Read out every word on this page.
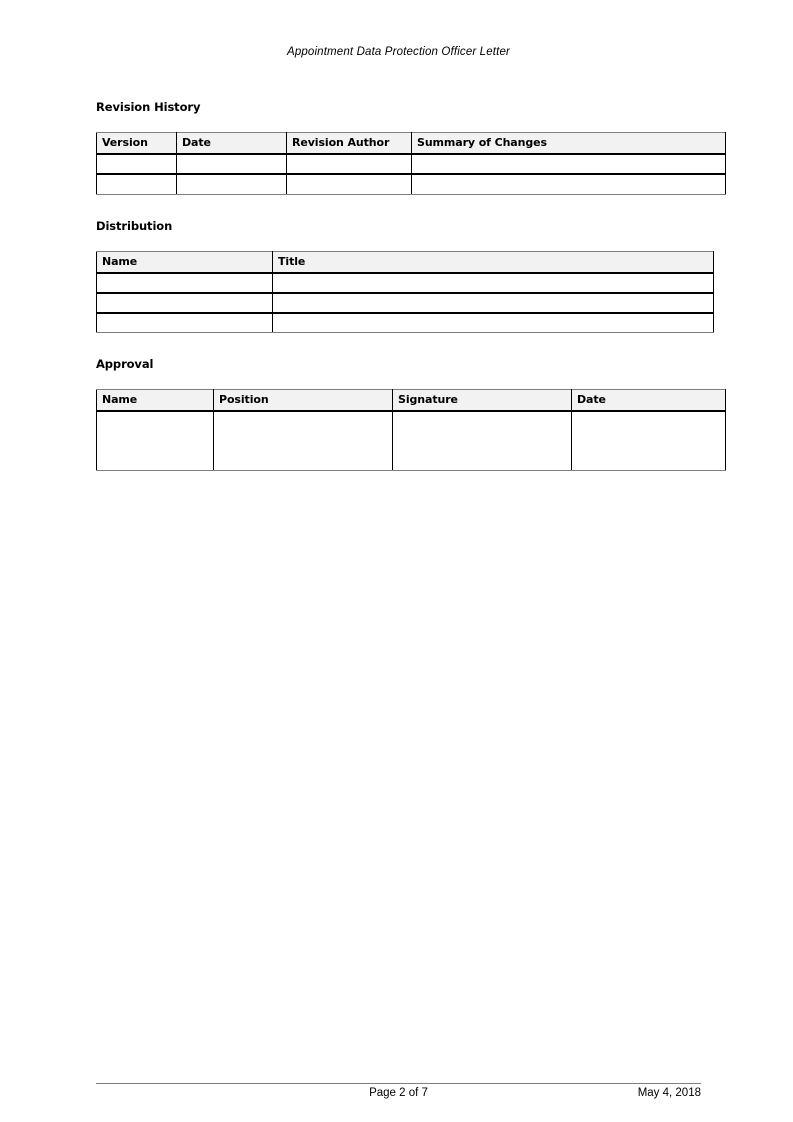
Appointment Data Protection Officer Letter
Revision History
Version	Date	Revision Author	Summary of Changes

Distribution
Name	Title

Approval
Name	Position	Signature	Date

Page 2 of 7	May 4, 2018
